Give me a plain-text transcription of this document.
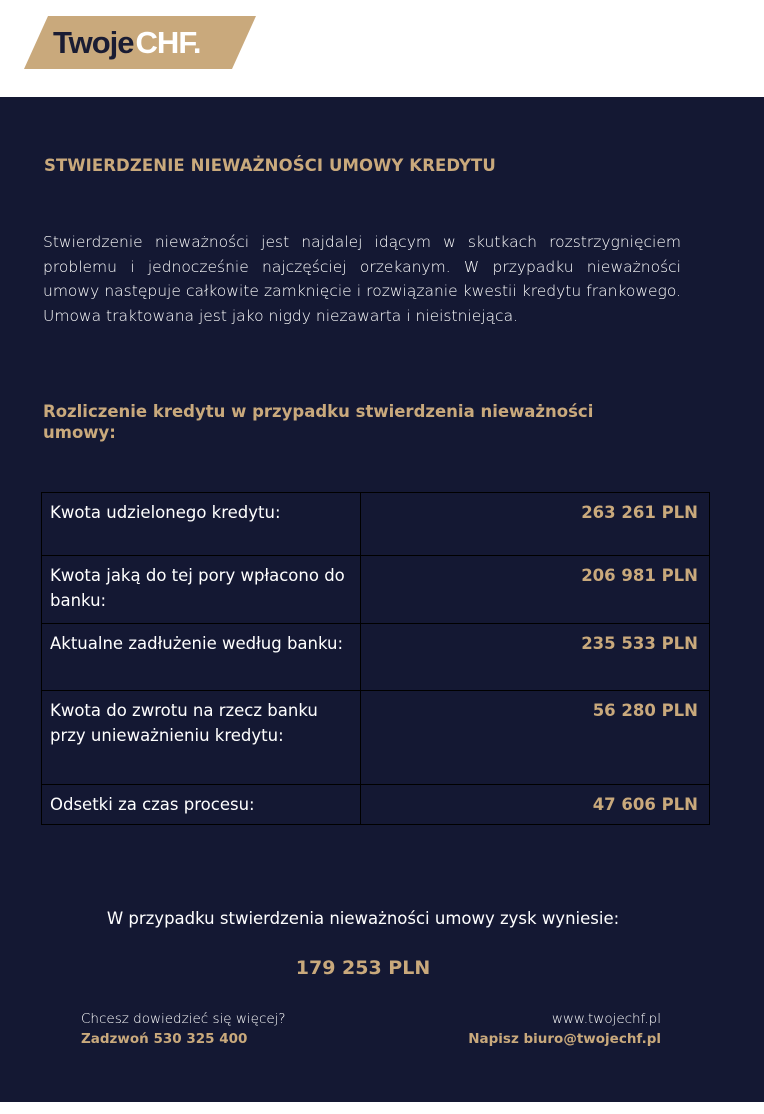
TwojeCHF.
STWIERDZENIE NIEWAŻNOŚCI UMOWY KREDYTU
Stwierdzenie nieważności jest najdalej idącym w skutkach rozstrzygnięciem problemu i jednocześnie najczęściej orzekanym. W przypadku nieważności umowy następuje całkowite zamknięcie i rozwiązanie kwestii kredytu frankowego. Umowa traktowana jest jako nigdy niezawarta i nieistniejąca.
Rozliczenie kredytu w przypadku stwierdzenia nieważności umowy:
Kwota udzielonego kredytu:	263 261 PLN
Kwota jaką do tej pory wpłacono do banku:	206 981 PLN
Aktualne zadłużenie według banku:	235 533 PLN
Kwota do zwrotu na rzecz banku przy unieważnieniu kredytu:	56 280 PLN
Odsetki za czas procesu:	47 606 PLN
W przypadku stwierdzenia nieważności umowy zysk wyniesie:
179 253 PLN
Chcesz dowiedzieć się więcej?
Zadzwoń 530 325 400
www.twojechf.pl
Napisz biuro@twojechf.pl
